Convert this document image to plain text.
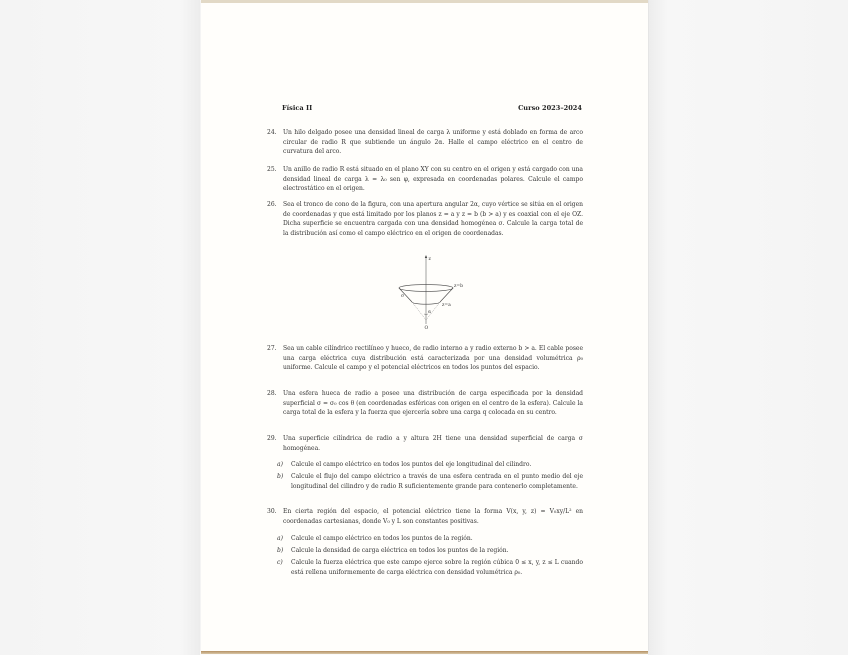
Física II	Curso 2023–2024
24. Un hilo delgado posee una densidad lineal de carga λ uniforme y está doblado en forma de arco circular de radio R que subtiende un ángulo 2α. Halle el campo eléctrico en el centro de curvatura del arco.
25. Un anillo de radio R está situado en el plano XY con su centro en el origen y está cargado con una densidad lineal de carga λ = λ₀ sen φ, expresada en coordenadas polares. Calcule el campo electrostático en el origen.
26. Sea el tronco de cono de la figura, con una apertura angular 2α, cuyo vértice se sitúa en el origen de coordenadas y que está limitado por los planos z = a y z = b (b > a) y es coaxial con el eje OZ. Dicha superficie se encuentra cargada con una densidad homogénea σ. Calcule la carga total de la distribución así como el campo eléctrico en el origen de coordenadas.
z
z=b
z=a
σ
α
O
27. Sea un cable cilíndrico rectilíneo y hueco, de radio interno a y radio externo b > a. El cable posee una carga eléctrica cuya distribución está caracterizada por una densidad volumétrica ρ₀ uniforme. Calcule el campo y el potencial eléctricos en todos los puntos del espacio.
28. Una esfera hueca de radio a posee una distribución de carga especificada por la densidad superficial σ = σ₀ cos θ (en coordenadas esféricas con origen en el centro de la esfera). Calcule la carga total de la esfera y la fuerza que ejercería sobre una carga q colocada en su centro.
29. Una superficie cilíndrica de radio a y altura 2H tiene una densidad superficial de carga σ homogénea.
a) Calcule el campo eléctrico en todos los puntos del eje longitudinal del cilindro.
b) Calcule el flujo del campo eléctrico a través de una esfera centrada en el punto medio del eje longitudinal del cilindro y de radio R suficientemente grande para contenerlo completamente.
30. En cierta región del espacio, el potencial eléctrico tiene la forma V(x, y, z) = V₀xy/L² en coordenadas cartesianas, donde V₀ y L son constantes positivas.
a) Calcule el campo eléctrico en todos los puntos de la región.
b) Calcule la densidad de carga eléctrica en todos los puntos de la región.
c) Calcule la fuerza eléctrica que este campo ejerce sobre la región cúbica 0 ≤ x, y, z ≤ L cuando está rellena uniformemente de carga eléctrica con densidad volumétrica ρ₀.
